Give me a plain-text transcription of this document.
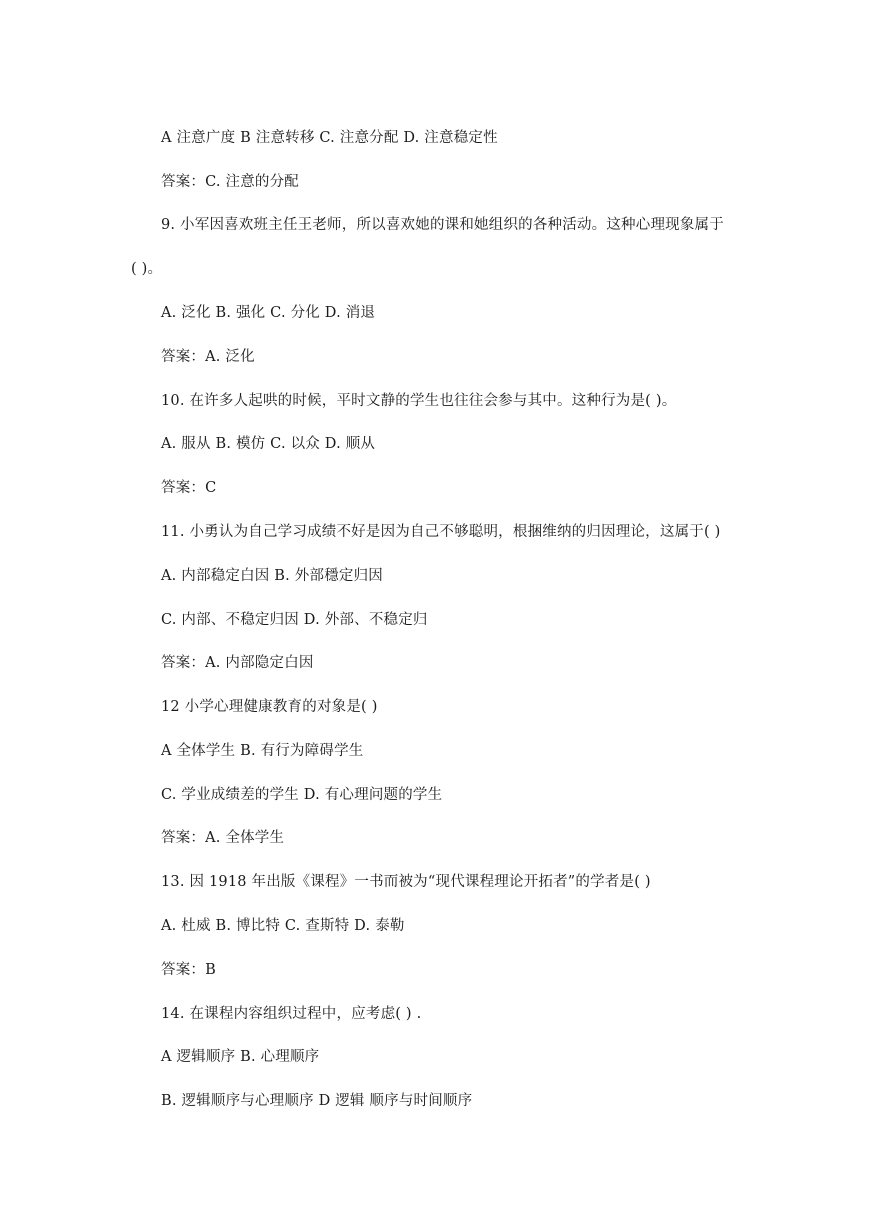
A 注意广度 B 注意转移 C. 注意分配 D. 注意稳定性
答案：C. 注意的分配
9. 小军因喜欢班主任王老师，所以喜欢她的课和她组织的各种活动。这种心理现象属于
( )。
A. 泛化 B. 强化 C. 分化 D. 消退
答案：A. 泛化
10. 在许多人起哄的时候，平时文静的学生也往往会参与其中。这种行为是( )。
A. 服从 B. 模仿 C. 以众 D. 顺从
答案：C
11. 小勇认为自己学习成绩不好是因为自己不够聪明，根捆维纳的归因理论，这属于( )
A. 内部稳定白因 B. 外部穩定归因
C. 内部、不稳定归因 D. 外部、不稳定归
答案：A. 内部隐定白因
12 小学心理健康教育的对象是( )
A 全体学生 B. 有行为障碍学生
C. 学业成绩差的学生 D. 有心理问题的学生
答案：A. 全体学生
13. 因 1918 年出版《课程》一书而被为“现代课程理论开拓者”的学者是( )
A. 杜威 B. 博比特 C. 查斯特 D. 泰勒
答案：B
14. 在课程内容组织过程中，应考虑( ) .
A 逻辑顺序 B. 心理顺序
B. 逻辑顺序与心理顺序 D 逻辑 顺序与时间顺序
